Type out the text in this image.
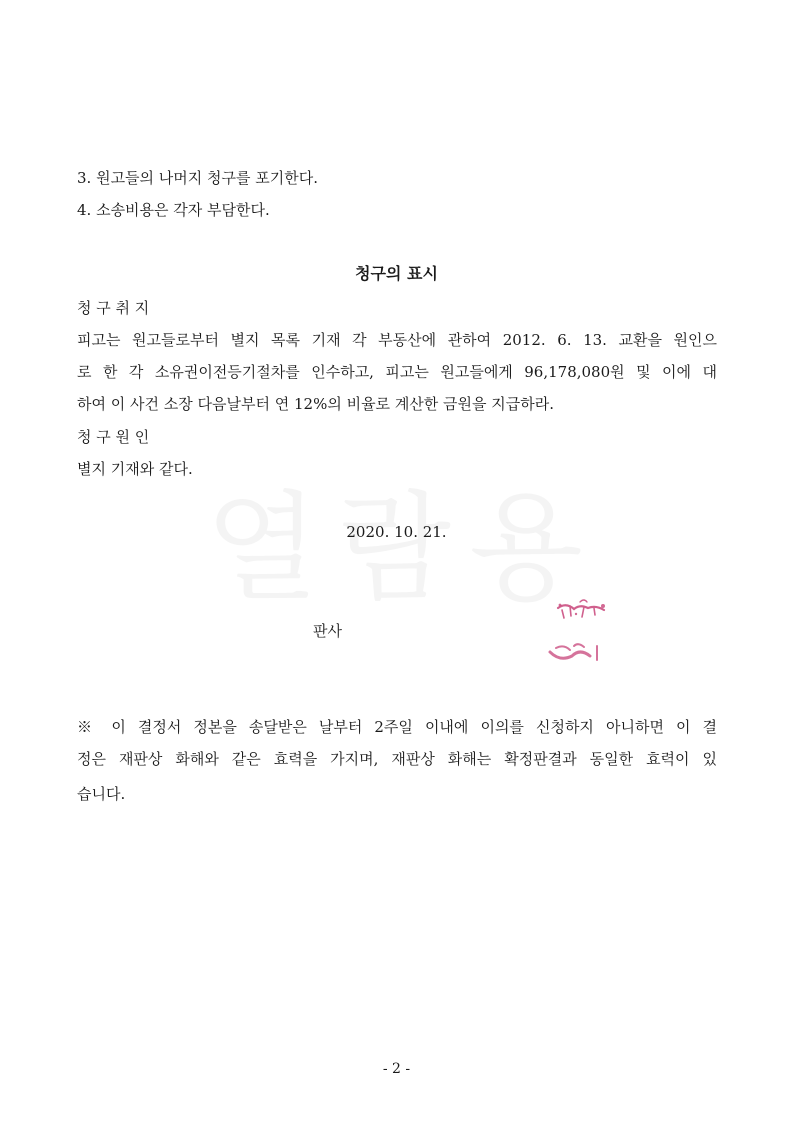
3. 원고들의 나머지 청구를 포기한다.
4. 소송비용은 각자 부담한다.
청구의 표시
청 구 취 지
피고는 원고들로부터 별지 목록 기재 각 부동산에 관하여 2012. 6. 13. 교환을 원인으
로 한 각 소유권이전등기절차를 인수하고, 피고는 원고들에게 96,178,080원 및 이에 대
하여 이 사건 소장 다음날부터 연 12%의 비율로 계산한 금원을 지급하라.
청 구 원 인
별지 기재와 같다.
2020. 10. 21.
판사
※ 이 결정서 정본을 송달받은 날부터 2주일 이내에 이의를 신청하지 아니하면 이 결
정은 재판상 화해와 같은 효력을 가지며, 재판상 화해는 확정판결과 동일한 효력이 있
습니다.
- 2 -
